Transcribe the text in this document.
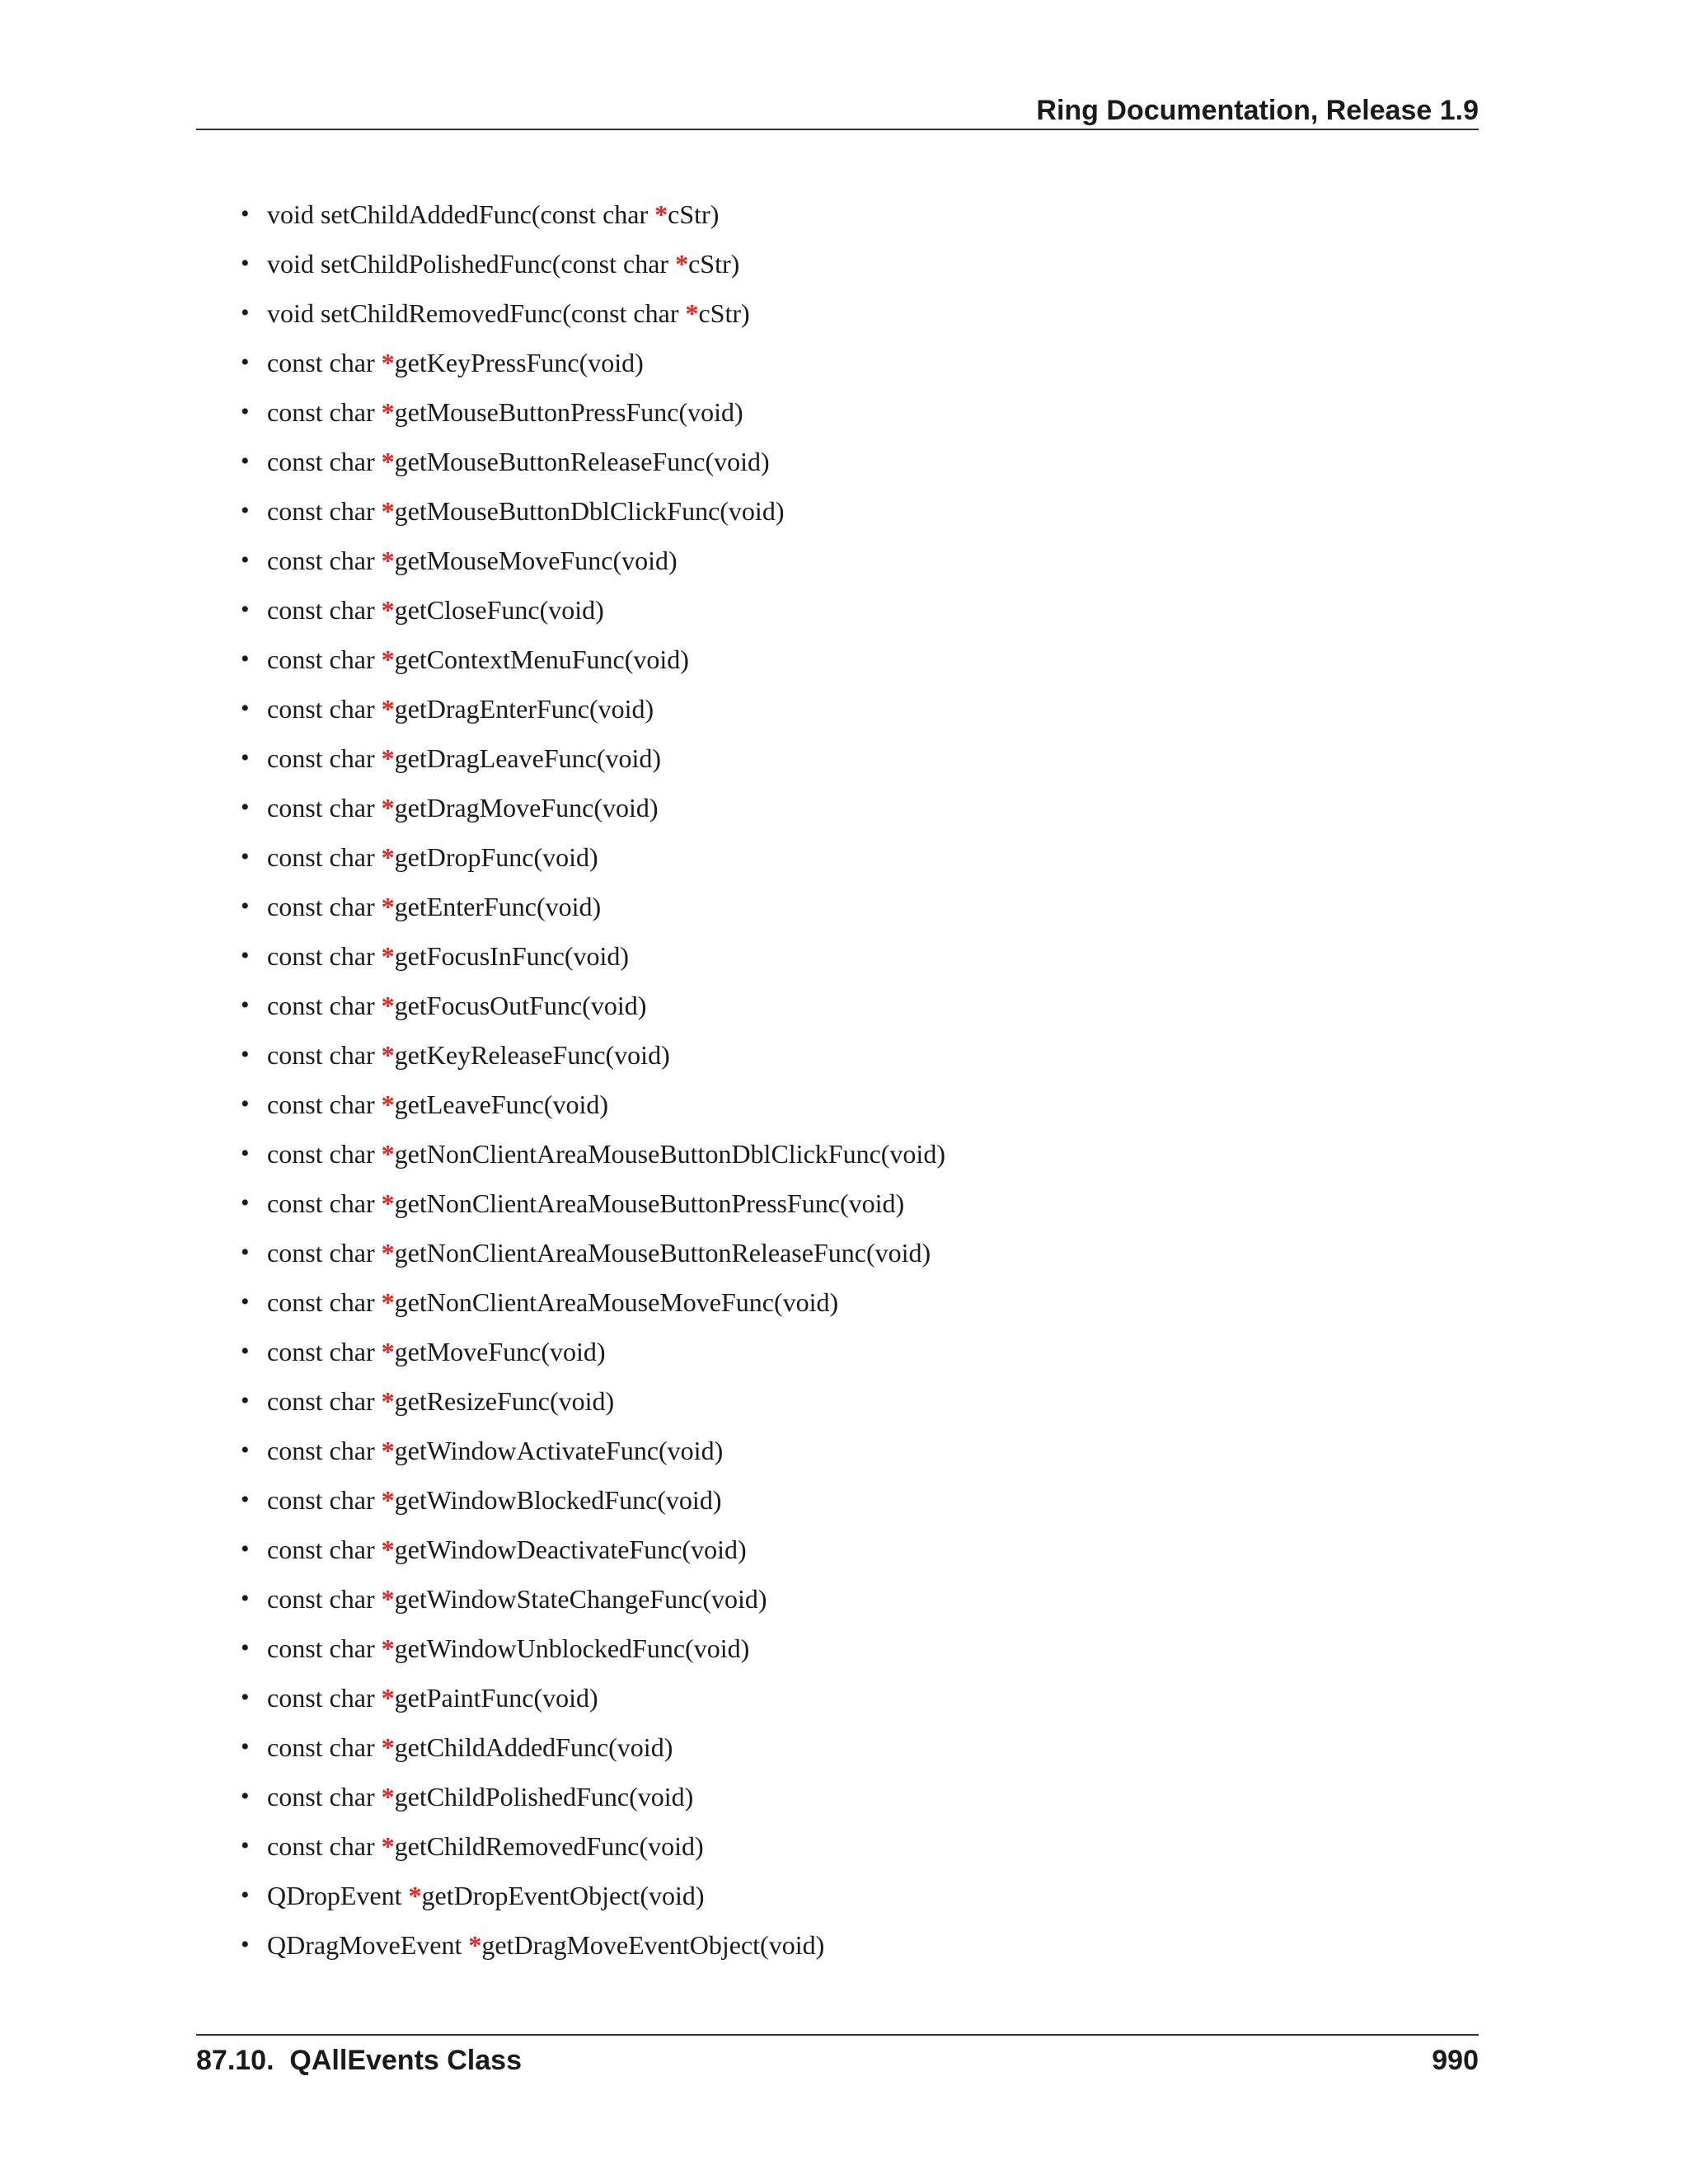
Ring Documentation, Release 1.9
• void setChildAddedFunc(const char *cStr)
• void setChildPolishedFunc(const char *cStr)
• void setChildRemovedFunc(const char *cStr)
• const char *getKeyPressFunc(void)
• const char *getMouseButtonPressFunc(void)
• const char *getMouseButtonReleaseFunc(void)
• const char *getMouseButtonDblClickFunc(void)
• const char *getMouseMoveFunc(void)
• const char *getCloseFunc(void)
• const char *getContextMenuFunc(void)
• const char *getDragEnterFunc(void)
• const char *getDragLeaveFunc(void)
• const char *getDragMoveFunc(void)
• const char *getDropFunc(void)
• const char *getEnterFunc(void)
• const char *getFocusInFunc(void)
• const char *getFocusOutFunc(void)
• const char *getKeyReleaseFunc(void)
• const char *getLeaveFunc(void)
• const char *getNonClientAreaMouseButtonDblClickFunc(void)
• const char *getNonClientAreaMouseButtonPressFunc(void)
• const char *getNonClientAreaMouseButtonReleaseFunc(void)
• const char *getNonClientAreaMouseMoveFunc(void)
• const char *getMoveFunc(void)
• const char *getResizeFunc(void)
• const char *getWindowActivateFunc(void)
• const char *getWindowBlockedFunc(void)
• const char *getWindowDeactivateFunc(void)
• const char *getWindowStateChangeFunc(void)
• const char *getWindowUnblockedFunc(void)
• const char *getPaintFunc(void)
• const char *getChildAddedFunc(void)
• const char *getChildPolishedFunc(void)
• const char *getChildRemovedFunc(void)
• QDropEvent *getDropEventObject(void)
• QDragMoveEvent *getDragMoveEventObject(void)
87.10.  QAllEvents Class	990
